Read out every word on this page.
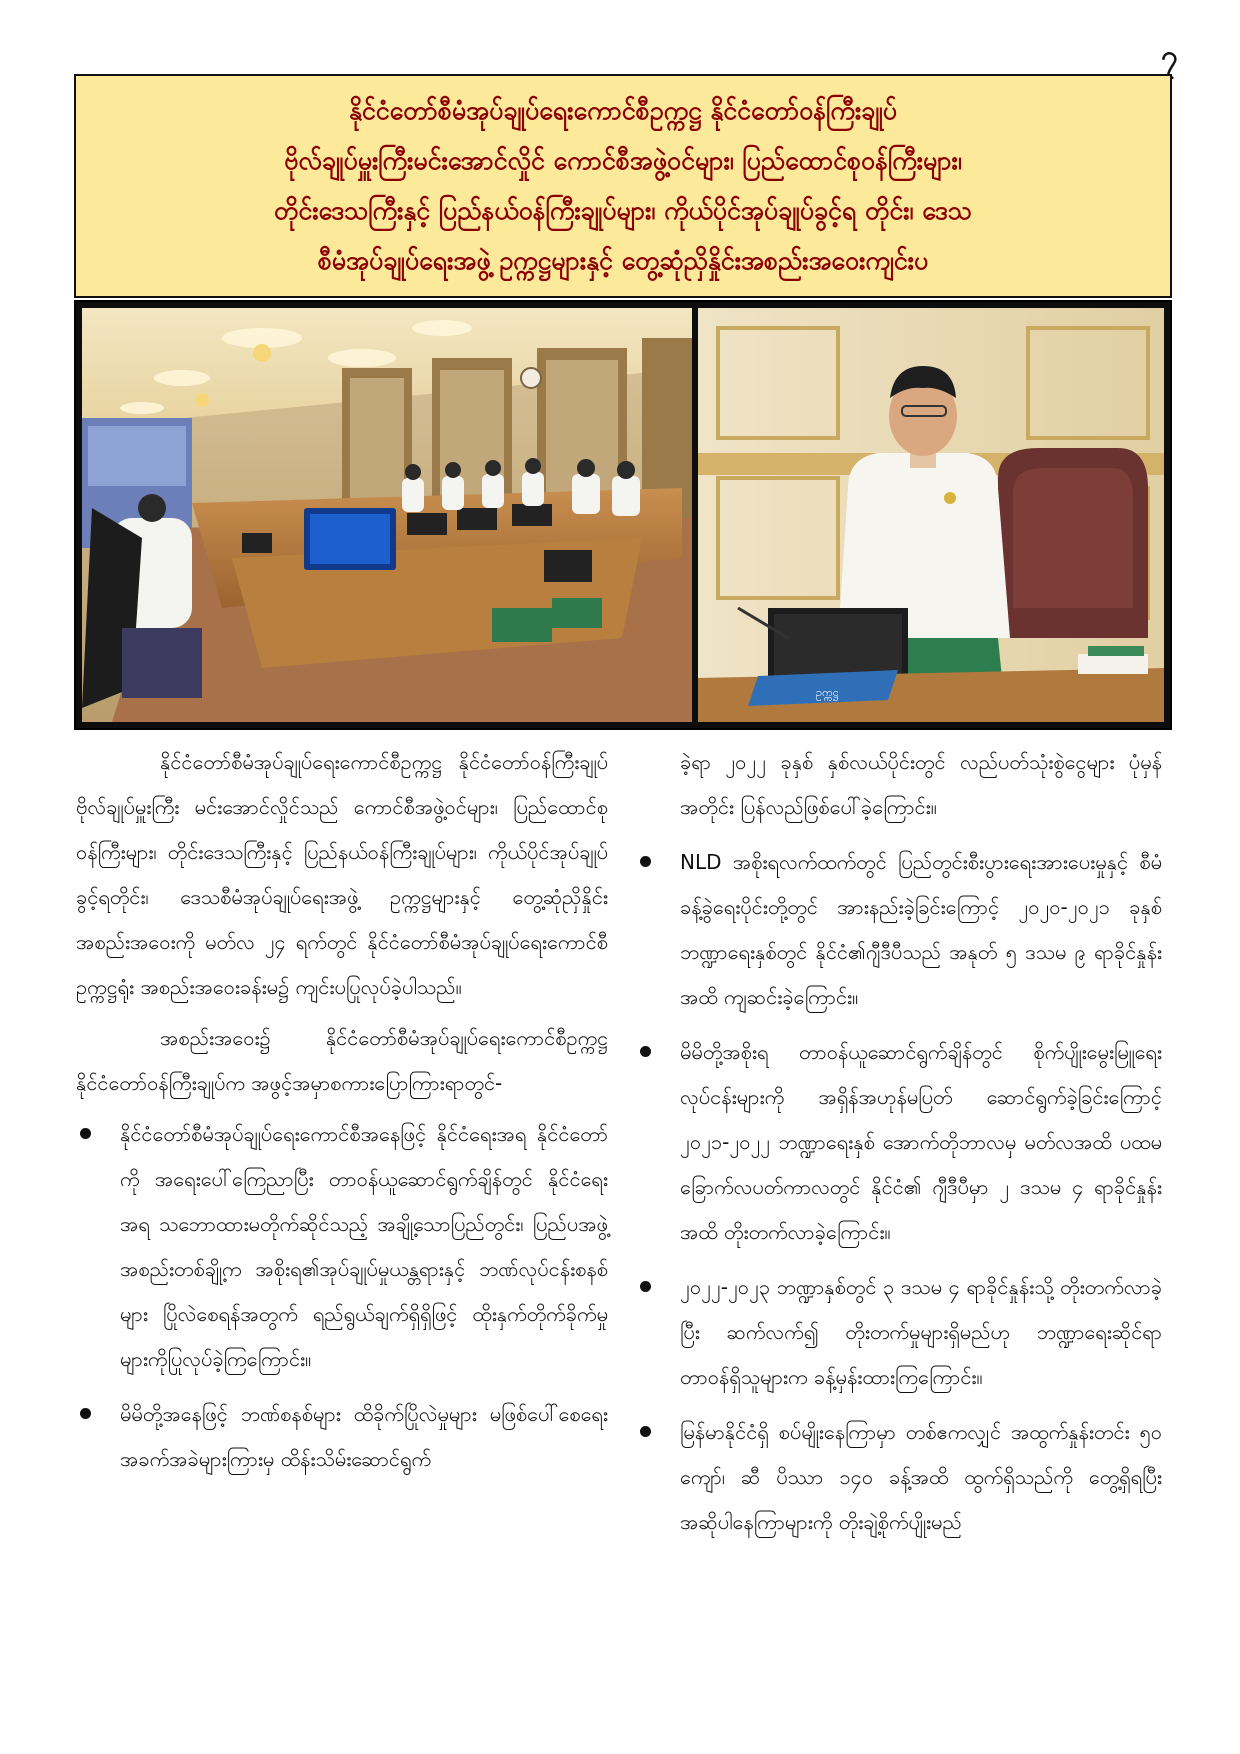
၇
နိုင်ငံတော်စီမံအုပ်ချုပ်ရေးကောင်စီဥက္ကဋ္ဌ နိုင်ငံတော်ဝန်ကြီးချုပ်
ဗိုလ်ချုပ်မှူးကြီးမင်းအောင်လှိုင် ကောင်စီအဖွဲ့ဝင်များ၊ ပြည်ထောင်စုဝန်ကြီးများ၊
တိုင်းဒေသကြီးနှင့် ပြည်နယ်ဝန်ကြီးချုပ်များ၊ ကိုယ်ပိုင်အုပ်ချုပ်ခွင့်ရ တိုင်း၊ ဒေသ
စီမံအုပ်ချုပ်ရေးအဖွဲ့ ဥက္ကဋ္ဌများနှင့် တွေ့ဆုံညှိနှိုင်းအစည်းအဝေးကျင်းပ
ဥက္ကဋ္ဌ

နိုင်ငံတော်စီမံအုပ်ချုပ်ရေးကောင်စီဥက္ကဋ္ဌ နိုင်ငံတော်ဝန်ကြီးချုပ် ဗိုလ်ချုပ်မှူးကြီး မင်းအောင်လှိုင်သည် ကောင်စီအဖွဲ့ဝင်များ၊ ပြည်ထောင်စုဝန်ကြီးများ၊ တိုင်းဒေသကြီးနှင့် ပြည်နယ်ဝန်ကြီးချုပ်များ၊ ကိုယ်ပိုင်အုပ်ချုပ်ခွင့်ရတိုင်း၊ ဒေသစီမံအုပ်ချုပ်ရေးအဖွဲ့ ဥက္ကဋ္ဌများနှင့် တွေ့ဆုံညှိနှိုင်းအစည်းအဝေးကို မတ်လ ၂၄ ရက်တွင် နိုင်ငံတော်စီမံအုပ်ချုပ်ရေးကောင်စီဥက္ကဋ္ဌရုံး အစည်းအဝေးခန်းမ၌ ကျင်းပပြုလုပ်ခဲ့ပါသည်။

အစည်းအဝေး၌ နိုင်ငံတော်စီမံအုပ်ချုပ်ရေးကောင်စီဥက္ကဋ္ဌ နိုင်ငံတော်ဝန်ကြီးချုပ်က အဖွင့်အမှာစကားပြောကြားရာတွင်-

နိုင်ငံတော်စီမံအုပ်ချုပ်ရေးကောင်စီအနေဖြင့် နိုင်ငံရေးအရ နိုင်ငံတော်ကို အရေးပေါ်ကြေညာပြီး တာဝန်ယူဆောင်ရွက်ချိန်တွင် နိုင်ငံရေးအရ သဘောထားမတိုက်ဆိုင်သည့် အချို့သောပြည်တွင်း၊ ပြည်ပအဖွဲ့အစည်းတစ်ချို့က အစိုးရ၏အုပ်ချုပ်မှုယန္တရားနှင့် ဘဏ်လုပ်ငန်းစနစ်များ ပြိုလဲစေရန်အတွက် ရည်ရွယ်ချက်ရှိရှိဖြင့် ထိုးနှက်တိုက်ခိုက်မှုများကိုပြုလုပ်ခဲ့ကြကြောင်း။
မိမိတို့အနေဖြင့် ဘဏ်စနစ်များ ထိခိုက်ပြိုလဲမှုများ မဖြစ်ပေါ်စေရေး အခက်အခဲများကြားမှ ထိန်းသိမ်းဆောင်ရွက်
ခဲ့ရာ ၂၀၂၂ ခုနှစ် နှစ်လယ်ပိုင်းတွင် လည်ပတ်သုံးစွဲငွေများ ပုံမှန်အတိုင်း ပြန်လည်ဖြစ်ပေါ်ခဲ့ကြောင်း။
NLD အစိုးရလက်ထက်တွင် ပြည်တွင်းစီးပွားရေးအားပေးမှုနှင့် စီမံခန့်ခွဲရေးပိုင်းတို့တွင် အားနည်းခဲ့ခြင်းကြောင့် ၂၀၂၀-၂၀၂၁ ခုနှစ် ဘဏ္ဍာရေးနှစ်တွင် နိုင်ငံ၏ဂျီဒီပီသည် အနုတ် ၅ ဒသမ ၉ ရာခိုင်နှုန်းအထိ ကျဆင်းခဲ့ကြောင်း။
မိမိတို့အစိုးရ တာဝန်ယူဆောင်ရွက်ချိန်တွင် စိုက်ပျိုးမွေးမြူရေးလုပ်ငန်းများကို အရှိန်အဟုန်မပြတ် ဆောင်ရွက်ခဲ့ခြင်းကြောင့် ၂၀၂၁-၂၀၂၂ ဘဏ္ဍာရေးနှစ် အောက်တိုဘာလမှ မတ်လအထိ ပထမခြောက်လပတ်ကာလတွင် နိုင်ငံ၏ ဂျီဒီပီမှာ ၂ ဒသမ ၄ ရာခိုင်နှုန်းအထိ တိုးတက်လာခဲ့ကြောင်း။
၂၀၂၂-၂၀၂၃ ဘဏ္ဍာနှစ်တွင် ၃ ဒသမ ၄ ရာခိုင်နှုန်းသို့ တိုးတက်လာခဲ့ပြီး ဆက်လက်၍ တိုးတက်မှုများရှိမည်ဟု ဘဏ္ဍာရေးဆိုင်ရာ တာဝန်ရှိသူများက ခန့်မှန်းထားကြကြောင်း။
မြန်မာနိုင်ငံရှိ စပ်မျိုးနေကြာမှာ တစ်ဧကလျှင် အထွက်နှုန်းတင်း ၅၀ ကျော်၊ ဆီ ပိဿာ ၁၄၀ ခန့်အထိ ထွက်ရှိသည်ကို တွေ့ရှိရပြီး အဆိုပါနေကြာများကို တိုးချဲ့စိုက်ပျိုးမည်
